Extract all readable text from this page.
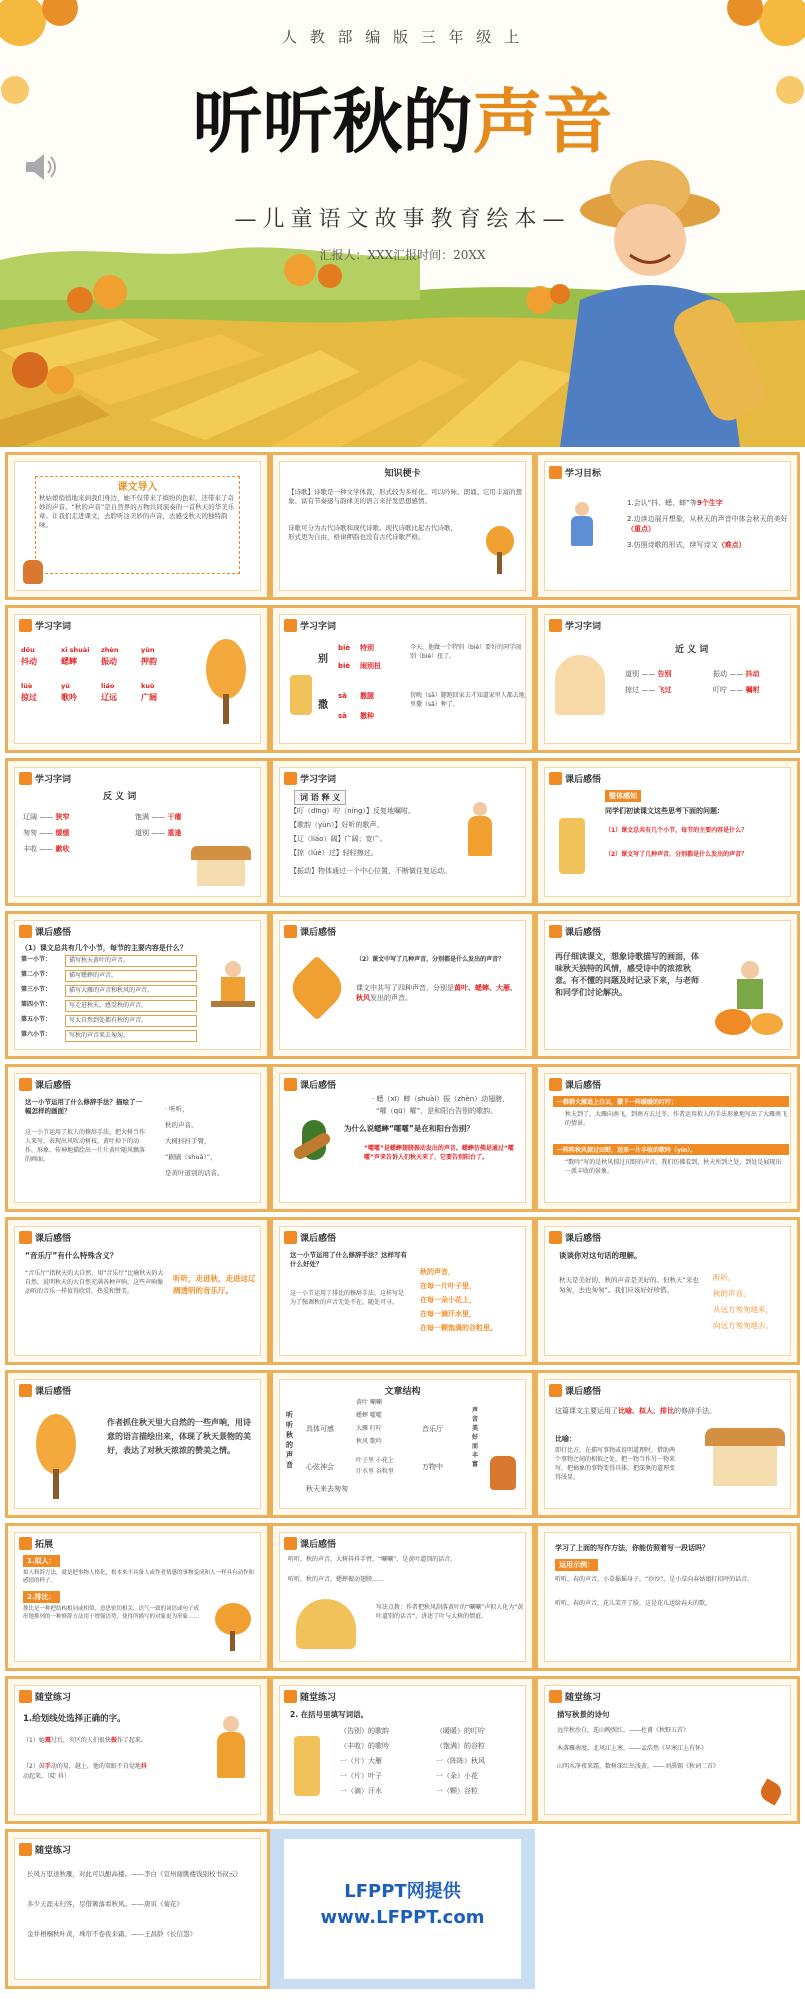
人 教 部 编 版 三 年 级 上
听听秋的声音
—儿童语文故事教育绘本—
汇报人：XXX汇报时间：20XX
课文导入
秋姑娘悄悄地来到我们身边，她不仅带来了缤纷的色彩，还带来了奇妙的声音。“秋的声音”是自然界的万物共同演奏的一首秋天的华美乐章。让我们走进课文，去聆听这美妙的声音，去感受秋天的独特韵味。
知识梗卡
【诗歌】诗歌是一种文学体裁，形式较为多样化。可以吟咏、朗诵。它用丰富的想象、富有节奏感与韵律美的语言来抒发思想感情。
诗歌可分为古代诗歌和现代诗歌。现代诗歌比起古代诗歌，形式更为自由，格律押韵也没有古代诗歌严格。
学习目标
1.会认“抖、蟋、蟀”等9个生字
2.边读边展开想象，从秋天的声音中体会秋天的美好（重点）
3.仿照诗歌的形式，续写诗文（难点）
学习字词
dǒu
抖动
xī shuài
蟋蟀
zhèn
振动
yùn
押韵
lüè
掠过
yù
歌吟
liáo
辽远
kuò
广阔
学习字词
别
biè 特别
biè 闹别扭
撒
sǎ 撒腿
sā 撒种
今天，他做一个特别（bié）要好的同学闹别（biè）扭了。
傍晚（sā）腿跑回家去才知道家里人都去地里撒（sǎ）种了。
学习字词
近 义 词
道别 —— 告别	振动 —— 抖动
掠过 —— 飞过	叮咛 —— 嘱咐
学习字词
反 义 词
辽阔 —— 狭窄
匆匆 —— 缓缓
丰收 —— 歉收
饱满 —— 干瘪
道别 —— 重逢
学习字词
词 语 释 义
【叮（dīng）咛（níng）】反复地嘱咐。
【歌韵（yùn）】好听的歌声。
【辽（liáo）阔】广阔；宽广。
【掠（lüè）过】轻轻擦过。
【振动】物体通过一个中心位置，不断做往复运动。
课后感悟
整体感知
同学们初读课文这些思考下面的问题：
（1）课文总共有几个小节，每节的主要内容是什么？
（2）课文写了几种声音，分别都是什么发出的声音？
课后感悟
（1）课文总共有几个小节，每节的主要内容是什么？
第一小节：	描写秋天黄叶的声音。
第二小节：	描写蟋蟀的声音。
第三小节：	描写大雁的声音和秋风的声音。
第四小节：	写走进秋天，感受秋的声音。
第五小节：	写大自然到处都有秋的声音。
第六小节：	写秋的声音来去匆匆。
课后感悟
（2）课文中写了几种声音，分别都是什么发出的声音？
课文中共写了四种声音，分别是黄叶、蟋蟀、大雁、秋风发出的声音。
课后感悟
再仔细读课文，想象诗歌描写的画面，体味秋天独特的风情，感受诗中的浓浓秋意。有不懂的问题及时记录下来，与老师和同学们讨论解决。
课后感悟
这一小节运用了什么修辞手法？描绘了一幅怎样的画面？
这一小节运用了拟人的修辞手法，把大树当作人来写，表现出风吹动树枝，黄叶掉下的动作，形象、传神地描绘出一片片黄叶随风飘落的画面。
· 听听，
秋的声音，
大树抖抖手臂，
“刷刷（shuā）”，
是黄叶道别的话音。
课后感悟
· 蟋（xī）蟀（shuài）振（zhèn）动翅膀，
“嚯（qū）嚯”，是和阳台告别的歌韵。
为什么说蟋蟀“嚯嚯”是在和阳台告别？
“嚯嚯”是蟋蟀翅膀振动发出的声音。蟋蟀仿佛是通过“嚯嚯”声来告诉人们秋天来了，它要告别阳台了。
课后感悟
一群群大雁追上白云，撒下一阵暖暖的叮咛；
秋天到了，大雁向南飞，到南方去过冬。作者运用拟人的手法形象地写出了大雁南飞的情景。
一阵阵秋风掠过田野，送来一片丰收的歌吟（yín）。
“歌吟”写的是秋风掠过田野的声音。我们仿佛看到，秋天所到之处，到处是展现出一派丰收的景象。
课后感悟
“音乐厅”有什么特殊含义？
“音乐厅”指秋天的大自然，用“音乐厅”比喻秋天的大自然，说明秋天的大自然充满各种声响，这些声响像动听的音乐一样值得欣赏，热爱和赞美。
听听，走进秋，走进这辽阔透明的音乐厅。
课后感悟
这一小节运用了什么修辞手法？这样写有什么好处？
这一小节运用了排比的修辞手法，这样写是为了强调秋的声音无处不在，随处可寻。
秋的声音，
在每一片叶子里，
在每一朵小花上，
在每一滴汗水里，
在每一颗饱满的谷粒里。
课后感悟
谈谈你对这句话的理解。
秋天是美好的，秋的声音是美好的。但秋天“来也匆匆，去也匆匆”。我们应该好好珍惜。
听听，
秋的声音，
从远方匆匆地来，
向远方匆匆地去。
课后感悟
作者抓住秋天里大自然的一些声响，用诗意的语言描绘出来，体现了秋天景物的美好，表达了对秋天浓浓的赞美之情。
文章结构
听听秋的声音
具体可感
黄叶 唰唰
蟋蟀 嚯嚯
大雁 叮咛
秋风 歌吟
音乐厅
心弦神会
叶子里 小花上
汗水里 谷粒里
万物中
秋天来去匆匆
声音美好而丰富
课后感悟
这篇课文主要运用了比喻、拟人、排比的修辞手法。
比喻：
即打比方，在描写事物或说明道理时，借助两个事物之间的相似之处，把一物当作另一物来写，把抽象的事物变得具体，把深奥的道理变得浅显。
拓展
1.拟人：
拟人修辞方法，就是把事物人格化，根本来不具备人或作者情感的事物变成和人一样具有动作和感情的样子。
2.排比：
排比是一种把结构相同或相似，意思密切相关，语气一致的词语或句子成串地排列的一种修辞方法用于增强语势，使得所描写的对象更为形象……
课后感悟
听听，秋的声音，大树抖抖手臂，“唰唰”，是黄叶道别的话音。
听听，秋的声音，蟋蟀振动翅膀……
写法点拨：作者把秋风刮落黄叶的“唰唰”声拟人化为“黄叶道别的话音”，讲述了叶与大树的情谊。
学习了上面的写作方法，你能仿照着写一段话吗？
运用示例：
听听，春的声音，小草摇摇身子，“沙沙”，是小草向春姑娘打招呼的话音。
听听，春的声音，花儿笑开了脸，这是花儿送给春天的歌。
随堂练习
1.给划线处选择正确的字。
（1）她震过后，灾区的人们很快振作了起来。
（2）鼓手动的易，越上，他的双眼不自觉地抖动起来。（陡 抖）
随堂练习
2. 在括号里填写词语。
（告别）的歌韵
（丰收）的歌吟
一（片）大雁
一（片）叶子
一（滴）汗水
（暖暖）的叮咛
（饱满）的谷粒
一（阵阵）秋风
一（朵）小花
一（颗）谷粒
随堂练习
描写秋景的诗句
远岸秋沙白，连山晚照红。——杜甫《秋野五首》
木落雁南度，北风江上寒。——孟浩然《早寒江上有怀》
山明水净夜来霜，数树深红出浅黄。——刘禹锡《秋词二首》
随堂练习
长风万里送秋雁，对此可以酣高楼。——李白《宣州谢朓楼饯别校书叔云》
多少天涯未归客，尽借篱落看秋风。——唐寅《菊花》
金井梧桐秋叶黄，珠帘不卷夜来霜。——王昌龄《长信怨》
LFPPT网提供
www.LFPPT.com
